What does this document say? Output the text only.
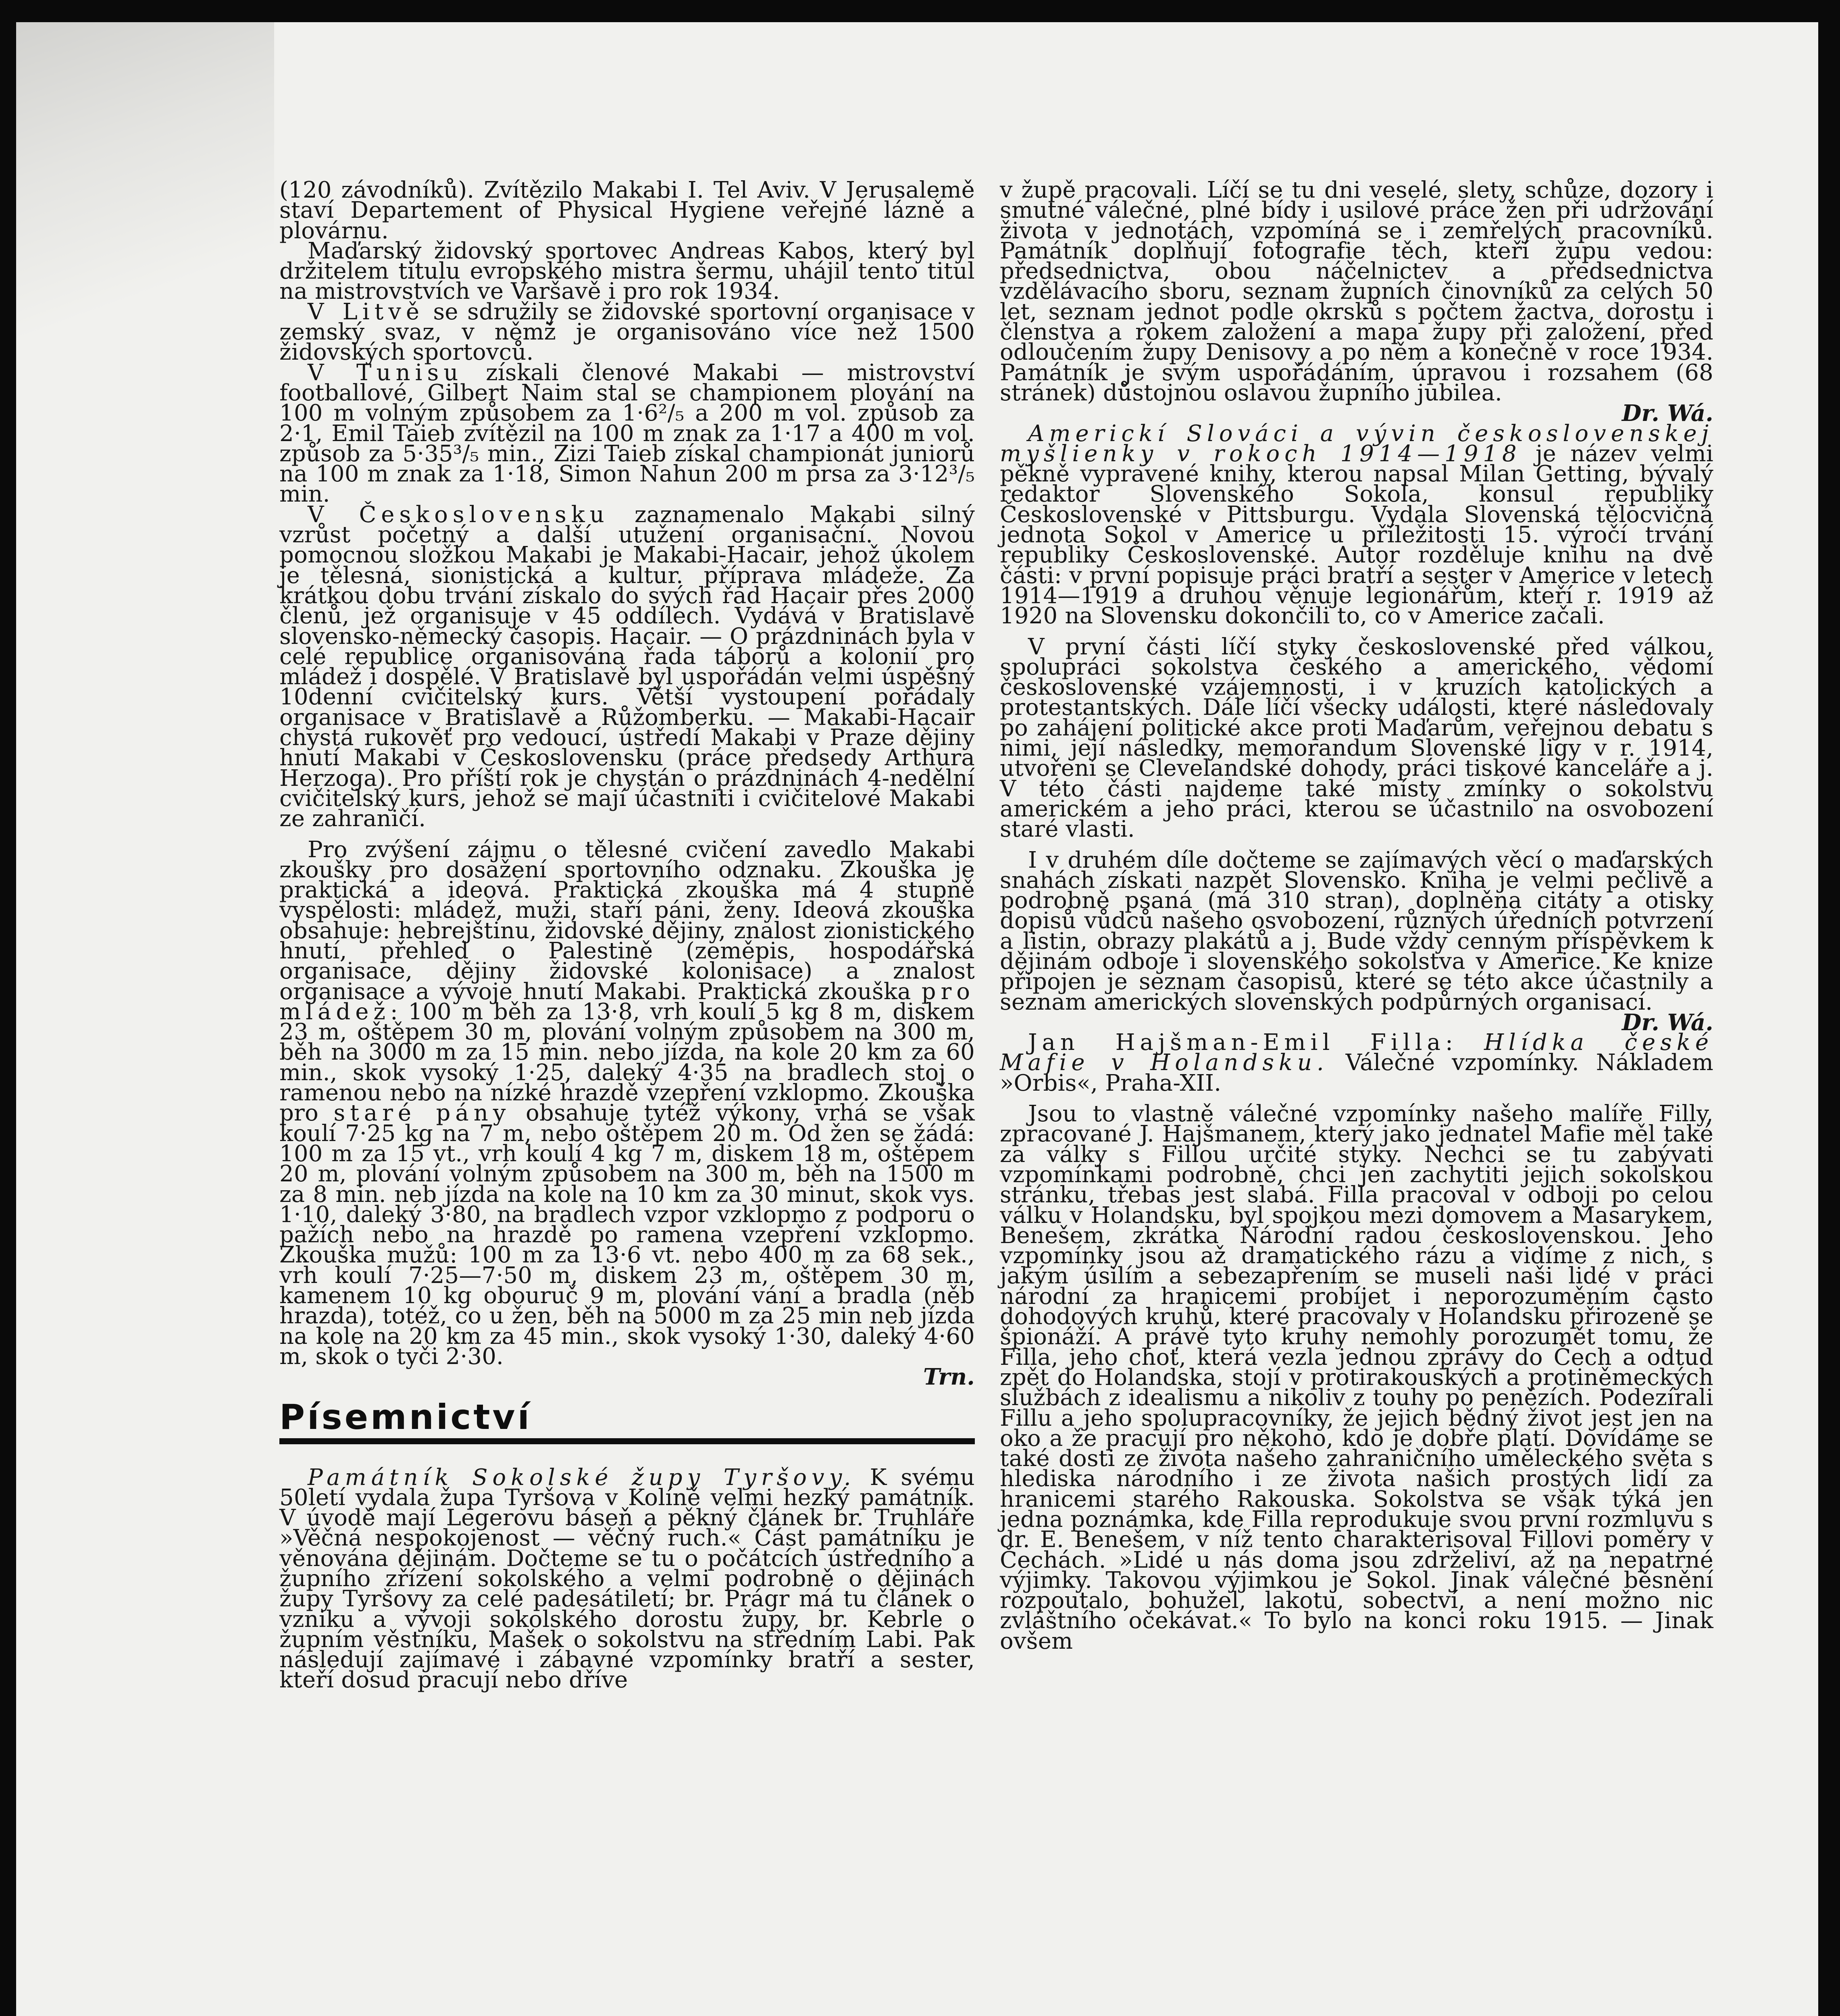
(120 závodníků). Zvítězilo Makabi I. Tel Aviv. V Jerusalemě staví Departement of Physical Hygiene veřejné lázně a plovárnu.

Maďarský židovský sportovec Andreas Kabos, který byl držitelem titulu evropského mistra šermu, uhájil tento titul na mistrovstvích ve Varšavě i pro rok 1934.

V Litvě se sdružily se židovské sportovní organisace v zemský svaz, v němž je organisováno více než 1500 židovských sportovců.

V Tunisu získali členové Makabi — mistrovství footballové, Gilbert Naim stal se championem plování na 100 m volným způsobem za 1·6²/₅ a 200 m vol. způsob za 2·1, Emil Taieb zvítězil na 100 m znak za 1·17 a 400 m vol. způsob za 5·35³/₅ min., Zizi Taieb získal championát juniorů na 100 m znak za 1·18, Simon Nahun 200 m prsa za 3·12³/₅ min.

V Československu zaznamenalo Makabi silný vzrůst početný a další utužení organisační. Novou pomocnou složkou Makabi je Makabi-Hacair, jehož úkolem je tělesná, sionistická a kultur. příprava mládeže. Za krátkou dobu trvání získalo do svých řad Hacair přes 2000 členů, jež organisuje v 45 oddílech. Vydává v Bratislavě slovensko-německý časopis. Hacair. — O prázdninách byla v celé republice organisována řada táborů a kolonií pro mládež i dospělé. V Bratislavě byl uspořádán velmi úspěšný 10denní cvičitelský kurs. Větší vystoupení pořádaly organisace v Bratislavě a Růžomberku. — Makabi-Hacair chystá rukověť pro vedoucí, ústředí Makabi v Praze dějiny hnutí Makabi v Československu (práce předsedy Arthura Herzoga). Pro příští rok je chystán o prázdninách 4-nedělní cvičitelský kurs, jehož se mají účastniti i cvičitelové Makabi ze zahraničí.

Pro zvýšení zájmu o tělesné cvičení zavedlo Makabi zkoušky pro dosažení sportovního odznaku. Zkouška je praktická a ideová. Praktická zkouška má 4 stupně vyspělosti: mládež, muži, staří páni, ženy. Ideová zkouška obsahuje: hebrejštinu, židovské dějiny, znalost zionistického hnutí, přehled o Palestině (zeměpis, hospodářská organisace, dějiny židovské kolonisace) a znalost organisace a vývoje hnutí Makabi. Praktická zkouška pro mládež: 100 m běh za 13·8, vrh koulí 5 kg 8 m, diskem 23 m, oštěpem 30 m, plování volným způsobem na 300 m, běh na 3000 m za 15 min. nebo jízda, na kole 20 km za 60 min., skok vysoký 1·25, daleký 4·35 na bradlech stoj o ramenou nebo na nízké hrazdě vzepření vzklopmo. Zkouška pro staré pány obsahuje tytéž výkony, vrhá se však koulí 7·25 kg na 7 m, nebo oštěpem 20 m. Od žen se žádá: 100 m za 15 vt., vrh koulí 4 kg 7 m, diskem 18 m, oštěpem 20 m, plování volným způsobem na 300 m, běh na 1500 m za 8 min. neb jízda na kole na 10 km za 30 minut, skok vys. 1·10, daleký 3·80, na bradlech vzpor vzklopmo z podporu o pažích nebo na hrazdě po ramena vzepření vzklopmo. Zkouška mužů: 100 m za 13·6 vt. nebo 400 m za 68 sek., vrh koulí 7·25—7·50 m, diskem 23 m, oštěpem 30 m, kamenem 10 kg obouruč 9 m, plování vání a bradla (něb hrazda), totéž, co u žen, běh na 5000 m za 25 min neb jízda na kole na 20 km za 45 min., skok vysoký 1·30, daleký 4·60 m, skok o tyči 2·30.

Trn.
Písemnictví

Památník Sokolské župy Tyršovy. K svému 50letí vydala župa Tyršova v Kolíně velmi hezký památník. V úvodě mají Legerovu báseň a pěkný článek br. Truhláře »Věčná nespokojenost — věčný ruch.« Část památníku je věnována dějinám. Dočteme se tu o počátcích ústředního a župního zřízení sokolského a velmi podrobně o dějinách župy Tyršovy za celé padesátiletí; br. Prágr má tu článek o vzniku a vývoji sokolského dorostu župy, br. Kebrle o župním věstníku, Mašek o sokolstvu na středním Labi. Pak následují zajímavé i zábavné vzpomínky bratří a sester, kteří dosud pracují nebo dříve

v župě pracovali. Líčí se tu dni veselé, slety, schůze, dozory i smutné válečné, plné bídy i usilové práce žen při udržování života v jednotách, vzpomíná se i zemřelých pracovníků. Památník doplňují fotografie těch, kteří župu vedou: předsednictva, obou náčelnictev a předsednictva vzdělávacího sboru, seznam župních činovníků za celých 50 let, seznam jednot podle okrsků s počtem žactva, dorostu i členstva a rokem založení a mapa župy při založení, před odloučením župy Denisovy a po něm a konečně v roce 1934. Památník je svým uspořádáním, úpravou i rozsahem (68 stránek) důstojnou oslavou župního jubilea.

Dr. Wá.

Americkí Slováci a vývin československej myšlienky v rokoch 1914—1918 je název velmi pěkně vypravené knihy, kterou napsal Milan Getting, bývalý redaktor Slovenského Sokola, konsul republiky Československé v Pittsburgu. Vydala Slovenská tělocvičná jednota Sokol v Americe u příležitosti 15. výročí trvání republiky Československé. Autor rozděluje knihu na dvě části: v první popisuje práci bratří a sester v Americe v letech 1914—1919 a druhou věnuje legionářům, kteří r. 1919 až 1920 na Slovensku dokončili to, co v Americe začali.

V první části líčí styky československé před válkou, spolupráci sokolstva českého a amerického, vědomí československé vzájemnosti, i v kruzích katolických a protestantských. Dále líčí všecky události, které následovaly po zahájení politické akce proti Maďarům, veřejnou debatu s nimi, její následky, memorandum Slovenské ligy v r. 1914, utvoření se Clevelandské dohody, práci tiskové kanceláře a j. V této části najdeme také místy zmínky o sokolstvu americkém a jeho práci, kterou se účastnilo na osvobození staré vlasti.

I v druhém díle dočteme se zajímavých věcí o maďarských snahách získati nazpět Slovensko. Kniha je velmi pečlivě a podrobně psaná (má 310 stran), doplněna citáty a otisky dopisů vůdců našeho osvobození, různých úředních potvrzení a listin, obrazy plakátů a j. Bude vždy cenným příspěvkem k dějinám odboje i slovenského sokolstva v Americe. Ke knize připojen je seznam časopisů, které se této akce účastnily a seznam amerických slovenských podpůrných organisací.

Dr. Wá.

Jan Hajšman-Emil Filla: Hlídka české Mafie v Holandsku. Válečné vzpomínky. Nákladem »Orbis«, Praha-XII.

Jsou to vlastně válečné vzpomínky našeho malíře Filly, zpracované J. Hajšmanem, který jako jednatel Mafie měl také za války s Fillou určité styky. Nechci se tu zabývati vzpomínkami podrobně, chci jen zachytiti jejich sokolskou stránku, třebas jest slabá. Filla pracoval v odboji po celou válku v Holandsku, byl spojkou mezi domovem a Masarykem, Benešem, zkrátka Národní radou československou. Jeho vzpomínky jsou až dramatického rázu a vidíme z nich, s jakým úsilím a sebezapřením se museli naši lidé v práci národní za hranicemi probíjet i neporozuměním často dohodových kruhů, které pracovaly v Holandsku přirozeně se špionáží. A právě tyto kruhy nemohly porozumět tomu, že Filla, jeho choť, která vezla jednou zprávy do Čech a odtud zpět do Holandska, stojí v protirakouských a protiněmeckých službách z idealismu a nikoliv z touhy po penězích. Podezírali Fillu a jeho spolupracovníky, že jejich bědný život jest jen na oko a že pracují pro někoho, kdo je dobře platí. Dovídáme se také dosti ze života našeho zahraničního uměleckého světa s hlediska národního i ze života našich prostých lidí za hranicemi starého Rakouska. Sokolstva se však týká jen jedna poznámka, kde Filla reprodukuje svou první rozmluvu s dr. E. Benešem, v níž tento charakterisoval Fillovi poměry v Čechách. »Lidé u nás doma jsou zdrželiví, až na nepatrné výjimky. Takovou výjimkou je Sokol. Jinak válečné běsnění rozpoutalo, bohužel, lakotu, sobectví, a není možno nic zvláštního očekávat.« To bylo na konci roku 1915. — Jinak ovšem
